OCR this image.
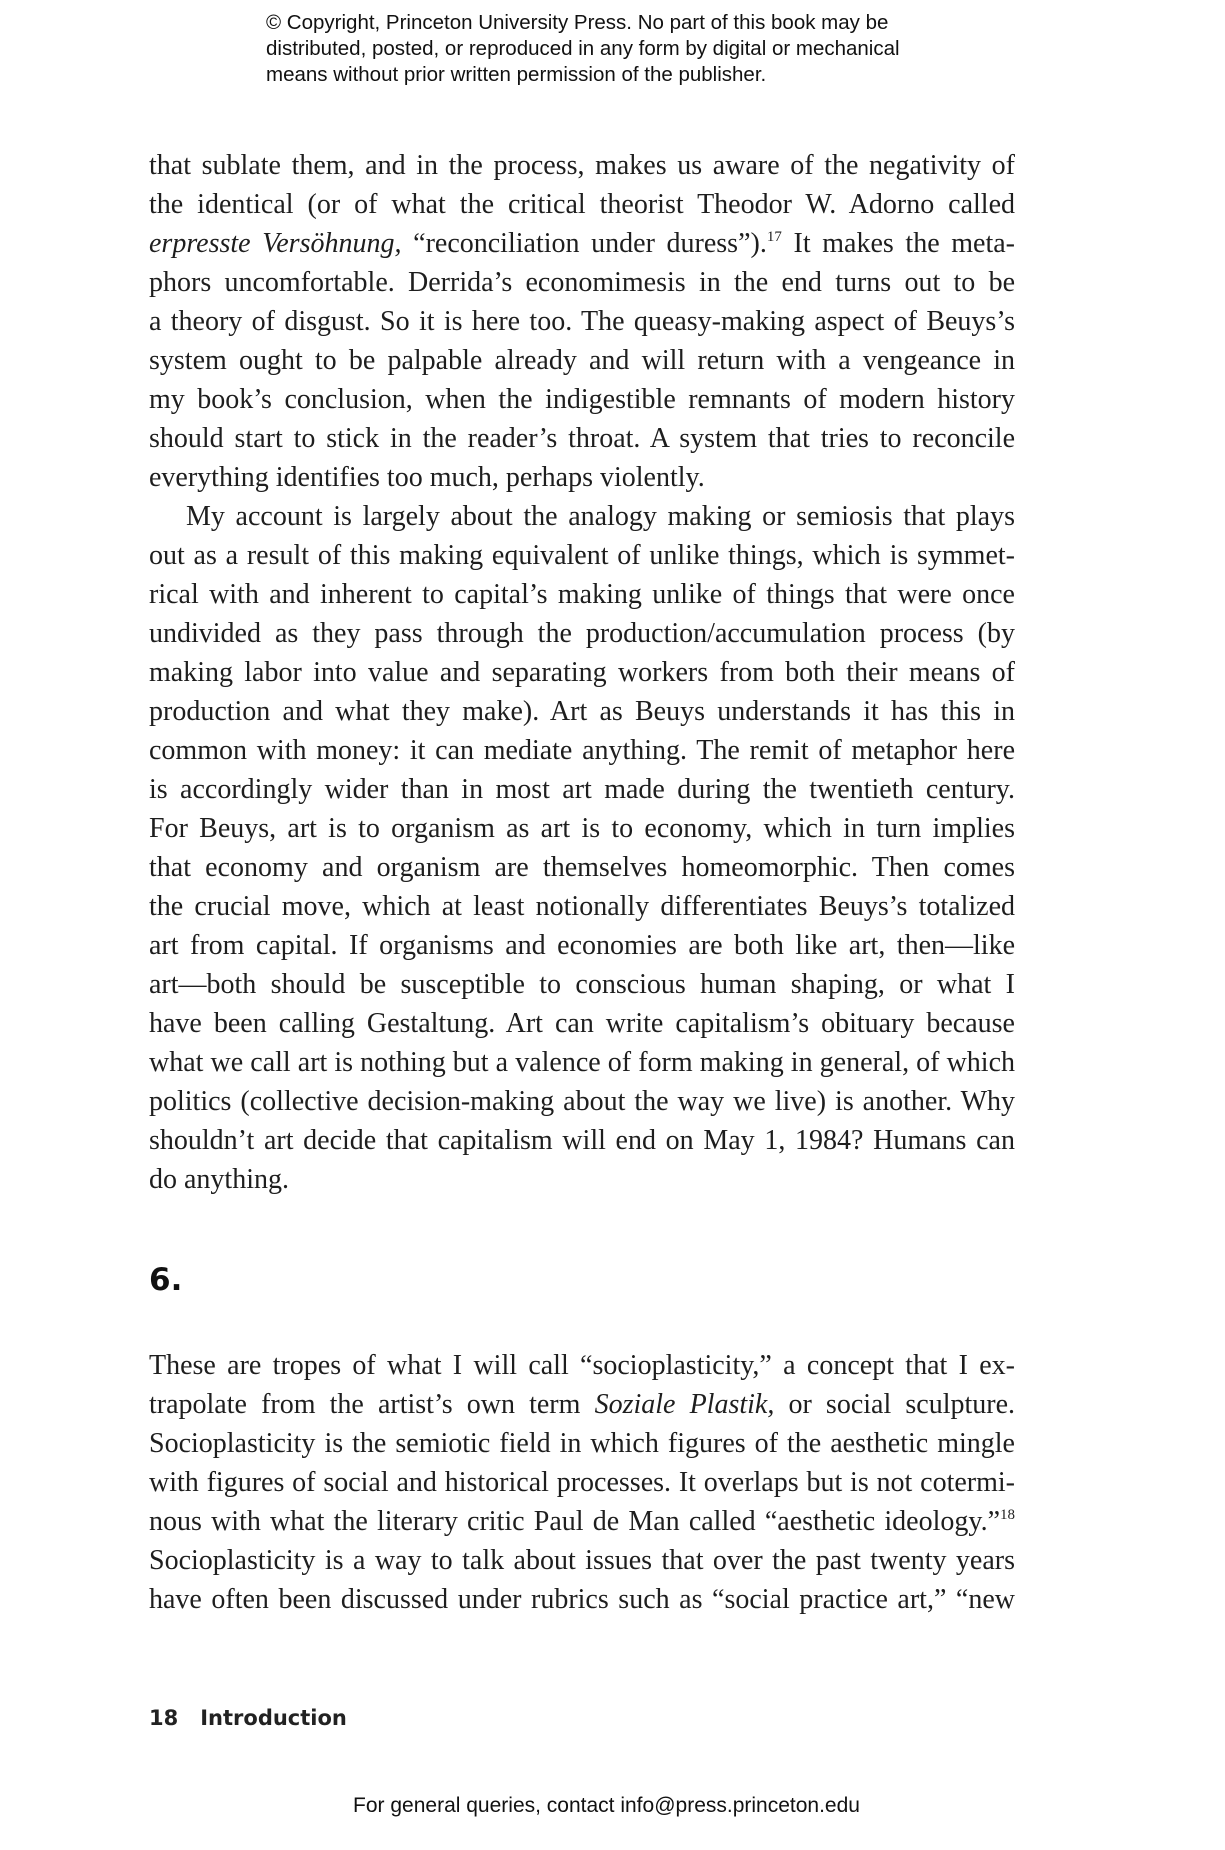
© Copyright, Princeton University Press. No part of this book may be
distributed, posted, or reproduced in any form by digital or mechanical
means without prior written permission of the publisher.
that sublate them, and in the process, makes us aware of the negativity of
the identical (or of what the critical theorist Theodor W. Adorno called
erpresste Versöhnung, “reconciliation under duress”).$^{17}$ It makes the meta-
phors uncomfortable. Derrida’s economimesis in the end turns out to be
a theory of disgust. So it is here too. The queasy-making aspect of Beuys’s
system ought to be palpable already and will return with a vengeance in
my book’s conclusion, when the indigestible remnants of modern history
should start to stick in the reader’s throat. A system that tries to reconcile
everything identifies too much, perhaps violently.
My account is largely about the analogy making or semiosis that plays
out as a result of this making equivalent of unlike things, which is symmet-
rical with and inherent to capital’s making unlike of things that were once
undivided as they pass through the production/accumulation process (by
making labor into value and separating workers from both their means of
production and what they make). Art as Beuys understands it has this in
common with money: it can mediate anything. The remit of metaphor here
is accordingly wider than in most art made during the twentieth century.
For Beuys, art is to organism as art is to economy, which in turn implies
that economy and organism are themselves homeomorphic. Then comes
the crucial move, which at least notionally differentiates Beuys’s totalized
art from capital. If organisms and economies are both like art, then—like
art—both should be susceptible to conscious human shaping, or what I
have been calling Gestaltung. Art can write capitalism’s obituary because
what we call art is nothing but a valence of form making in general, of which
politics (collective decision-making about the way we live) is another. Why
shouldn’t art decide that capitalism will end on May 1, 1984? Humans can
do anything.
6.
These are tropes of what I will call “socioplasticity,” a concept that I ex-
trapolate from the artist’s own term Soziale Plastik, or social sculpture.
Socioplasticity is the semiotic field in which figures of the aesthetic mingle
with figures of social and historical processes. It overlaps but is not cotermi-
nous with what the literary critic Paul de Man called “aesthetic ideology.”$^{18}$
Socioplasticity is a way to talk about issues that over the past twenty years
have often been discussed under rubrics such as “social practice art,” “new
18 Introduction
For general queries, contact info@press.princeton.edu
